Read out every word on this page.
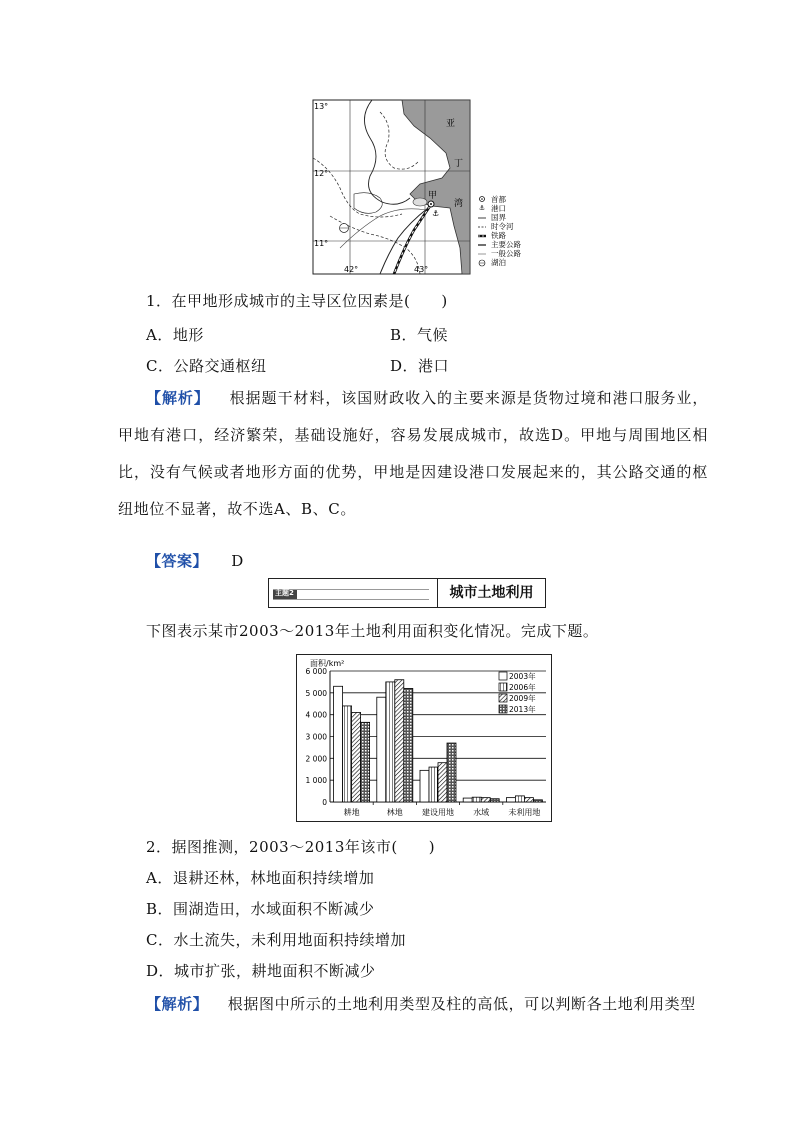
⚓
13°
12°
11°
42°	43°
亚
丁
甲
湾 ⚓
首都
港口
国界
时令河
铁路
主要公路
一般公路
湖泊
1．在甲地形成城市的主导区位因素是(　　)
A．地形	B．气候
C．公路交通枢纽	D．港口
【解析】 根据题干材料，该国财政收入的主要来源是货物过境和港口服务业，甲地有港口，经济繁荣，基础设施好，容易发展成城市，故选D。甲地与周围地区相比，没有气候或者地形方面的优势，甲地是因建设港口发展起来的，其公路交通的枢纽地位不显著，故不选A、B、C。
【答案】 D
主题2	城市土地利用
下图表示某市2003～2013年土地利用面积变化情况。完成下题。
面积/km²
0
1 000
2 000
3 000
4 000
5 000
6 000
耕地	林地 建设用地 水域 未利用地
2003年
2006年
2009年
2013年
2．据图推测，2003～2013年该市(　　)
A．退耕还林，林地面积持续增加
B．围湖造田，水域面积不断减少
C．水土流失，未利用地面积持续增加
D．城市扩张，耕地面积不断减少
【解析】 根据图中所示的土地利用类型及柱的高低，可以判断各土地利用类型
